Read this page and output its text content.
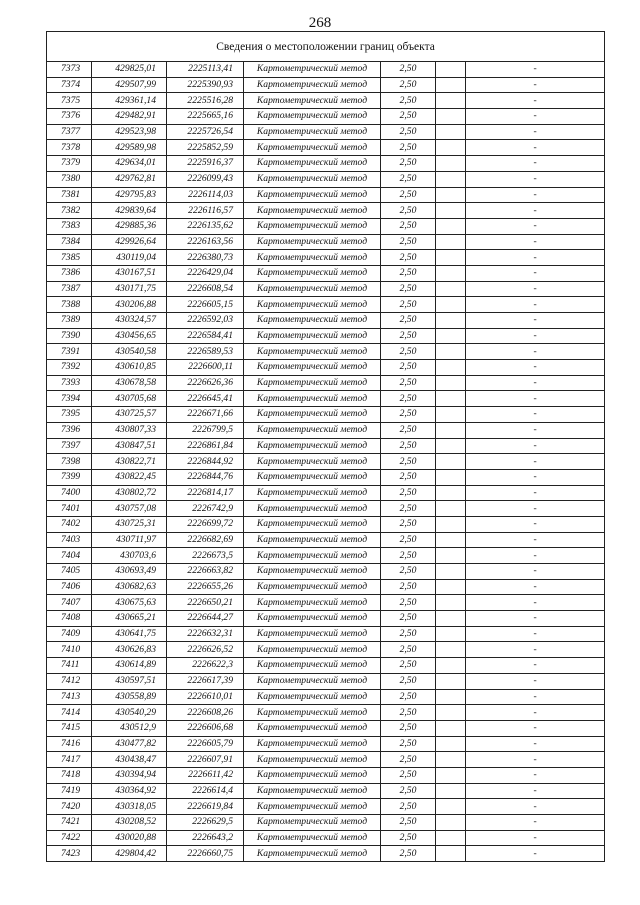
268
Сведения о местоположении границ объекта						
7373	429825,01	2225113,41	Картометрический метод	2,50		-
7374	429507,99	2225390,93	Картометрический метод	2,50		-
7375	429361,14	2225516,28	Картометрический метод	2,50		-
7376	429482,91	2225665,16	Картометрический метод	2,50		-
7377	429523,98	2225726,54	Картометрический метод	2,50		-
7378	429589,98	2225852,59	Картометрический метод	2,50		-
7379	429634,01	2225916,37	Картометрический метод	2,50		-
7380	429762,81	2226099,43	Картометрический метод	2,50		-
7381	429795,83	2226114,03	Картометрический метод	2,50		-
7382	429839,64	2226116,57	Картометрический метод	2,50		-
7383	429885,36	2226135,62	Картометрический метод	2,50		-
7384	429926,64	2226163,56	Картометрический метод	2,50		-
7385	430119,04	2226380,73	Картометрический метод	2,50		-
7386	430167,51	2226429,04	Картометрический метод	2,50		-
7387	430171,75	2226608,54	Картометрический метод	2,50		-
7388	430206,88	2226605,15	Картометрический метод	2,50		-
7389	430324,57	2226592,03	Картометрический метод	2,50		-
7390	430456,65	2226584,41	Картометрический метод	2,50		-
7391	430540,58	2226589,53	Картометрический метод	2,50		-
7392	430610,85	2226600,11	Картометрический метод	2,50		-
7393	430678,58	2226626,36	Картометрический метод	2,50		-
7394	430705,68	2226645,41	Картометрический метод	2,50		-
7395	430725,57	2226671,66	Картометрический метод	2,50		-
7396	430807,33	2226799,5	Картометрический метод	2,50		-
7397	430847,51	2226861,84	Картометрический метод	2,50		-
7398	430822,71	2226844,92	Картометрический метод	2,50		-
7399	430822,45	2226844,76	Картометрический метод	2,50		-
7400	430802,72	2226814,17	Картометрический метод	2,50		-
7401	430757,08	2226742,9	Картометрический метод	2,50		-
7402	430725,31	2226699,72	Картометрический метод	2,50		-
7403	430711,97	2226682,69	Картометрический метод	2,50		-
7404	430703,6	2226673,5	Картометрический метод	2,50		-
7405	430693,49	2226663,82	Картометрический метод	2,50		-
7406	430682,63	2226655,26	Картометрический метод	2,50		-
7407	430675,63	2226650,21	Картометрический метод	2,50		-
7408	430665,21	2226644,27	Картометрический метод	2,50		-
7409	430641,75	2226632,31	Картометрический метод	2,50		-
7410	430626,83	2226626,52	Картометрический метод	2,50		-
7411	430614,89	2226622,3	Картометрический метод	2,50		-
7412	430597,51	2226617,39	Картометрический метод	2,50		-
7413	430558,89	2226610,01	Картометрический метод	2,50		-
7414	430540,29	2226608,26	Картометрический метод	2,50		-
7415	430512,9	2226606,68	Картометрический метод	2,50		-
7416	430477,82	2226605,79	Картометрический метод	2,50		-
7417	430438,47	2226607,91	Картометрический метод	2,50		-
7418	430394,94	2226611,42	Картометрический метод	2,50		-
7419	430364,92	2226614,4	Картометрический метод	2,50		-
7420	430318,05	2226619,84	Картометрический метод	2,50		-
7421	430208,52	2226629,5	Картометрический метод	2,50		-
7422	430020,88	2226643,2	Картометрический метод	2,50		-
7423	429804,42	2226660,75	Картометрический метод	2,50		-
